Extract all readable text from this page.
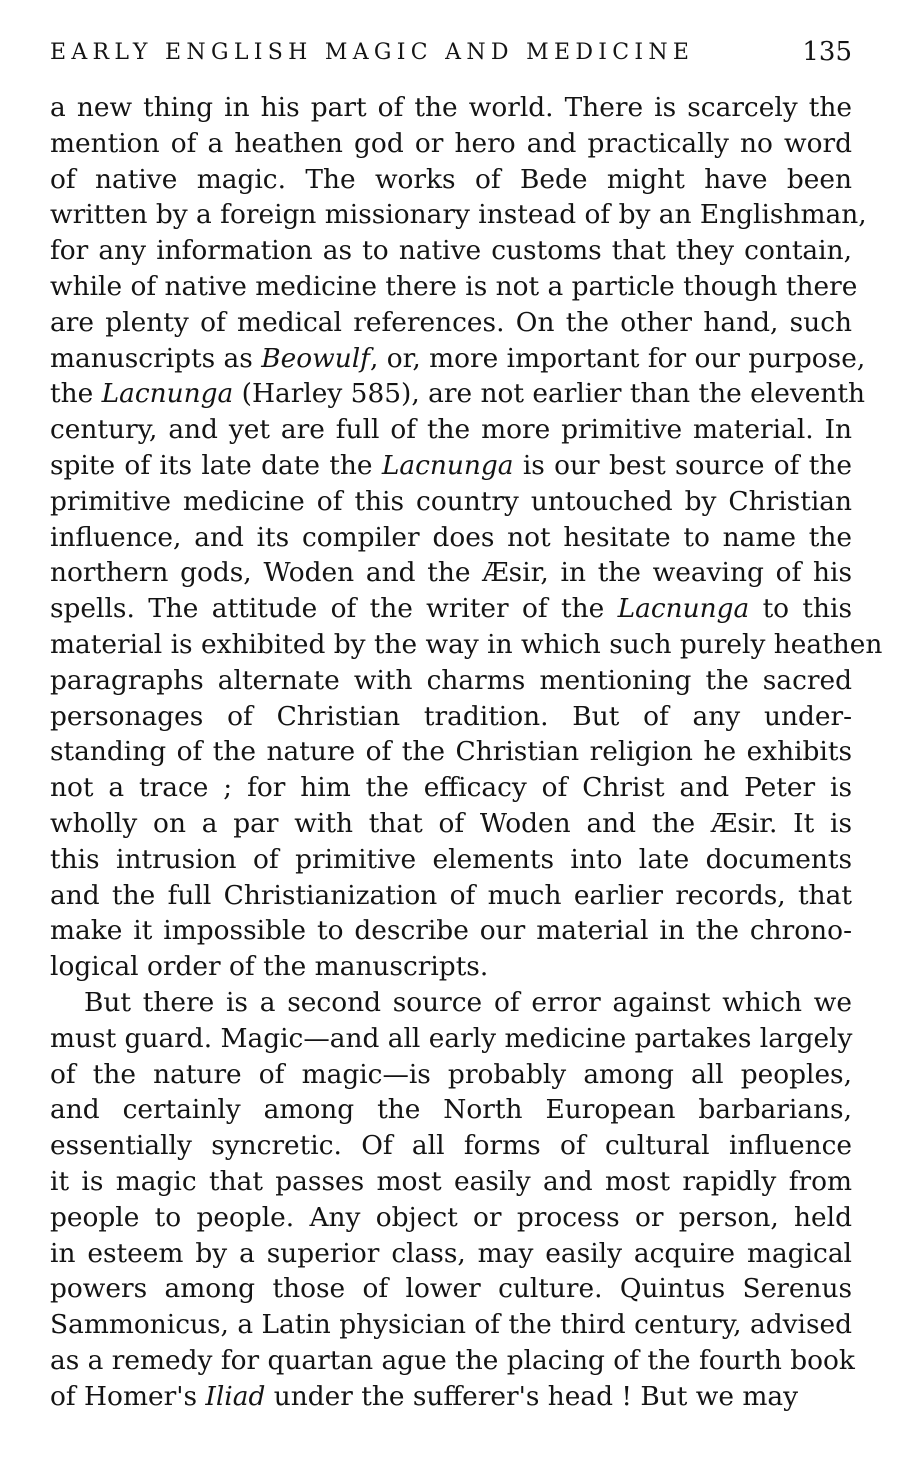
EARLY ENGLISH MAGIC AND MEDICINE	135
a new thing in his part of the world. There is scarcely the
mention of a heathen god or hero and practically no word
of native magic. The works of Bede might have been
written by a foreign missionary instead of by an Englishman,
for any information as to native customs that they contain,
while of native medicine there is not a particle though there
are plenty of medical references. On the other hand, such
manuscripts as Beowulf, or, more important for our purpose,
the Lacnunga (Harley 585), are not earlier than the eleventh
century, and yet are full of the more primitive material. In
spite of its late date the Lacnunga is our best source of the
primitive medicine of this country untouched by Christian
influence, and its compiler does not hesitate to name the
northern gods, Woden and the Æsir, in the weaving of his
spells. The attitude of the writer of the Lacnunga to this
material is exhibited by the way in which such purely heathen
paragraphs alternate with charms mentioning the sacred
personages of Christian tradition. But of any under-
standing of the nature of the Christian religion he exhibits
not a trace ; for him the efficacy of Christ and Peter is
wholly on a par with that of Woden and the Æsir. It is
this intrusion of primitive elements into late documents
and the full Christianization of much earlier records, that
make it impossible to describe our material in the chrono-
logical order of the manuscripts.
But there is a second source of error against which we
must guard. Magic—and all early medicine partakes largely
of the nature of magic—is probably among all peoples,
and certainly among the North European barbarians,
essentially syncretic. Of all forms of cultural influence
it is magic that passes most easily and most rapidly from
people to people. Any object or process or person, held
in esteem by a superior class, may easily acquire magical
powers among those of lower culture. Quintus Serenus
Sammonicus, a Latin physician of the third century, advised
as a remedy for quartan ague the placing of the fourth book
of Homer's Iliad under the sufferer's head ! But we may
